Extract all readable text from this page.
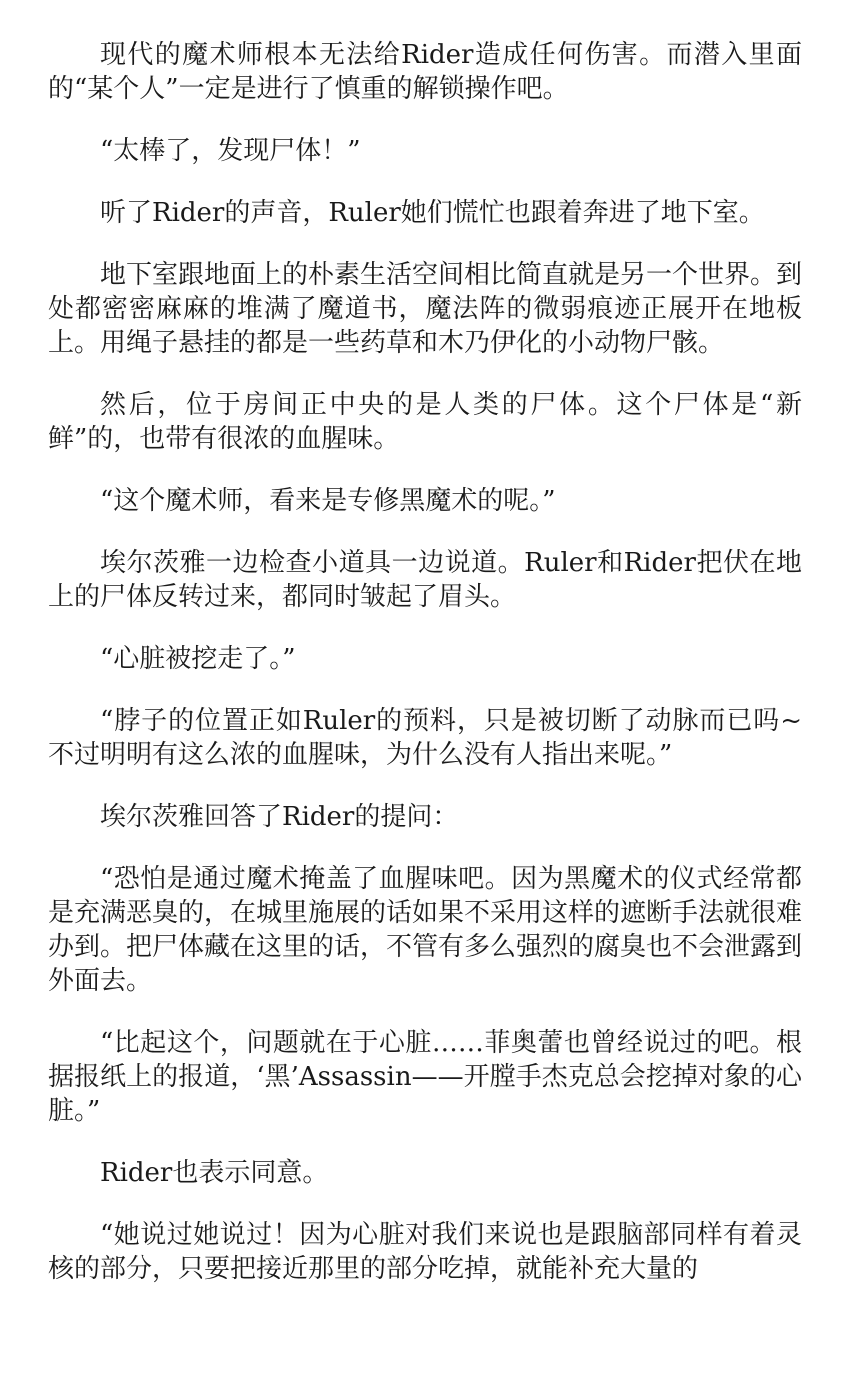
现代的魔术师根本无法给Rider造成任何伤害。而潜入里面的“某个人”一定是进行了慎重的解锁操作吧。

“太棒了，发现尸体！”

听了Rider的声音，Ruler她们慌忙也跟着奔进了地下室。

地下室跟地面上的朴素生活空间相比简直就是另一个世界。到处都密密麻麻的堆满了魔道书，魔法阵的微弱痕迹正展开在地板上。用绳子悬挂的都是一些药草和木乃伊化的小动物尸骸。

然后，位于房间正中央的是人类的尸体。这个尸体是“新鲜”的，也带有很浓的血腥味。

“这个魔术师，看来是专修黑魔术的呢。”

埃尔茨雅一边检查小道具一边说道。Ruler和Rider把伏在地上的尸体反转过来，都同时皱起了眉头。

“心脏被挖走了。”

“脖子的位置正如Ruler的预料，只是被切断了动脉而已吗~不过明明有这么浓的血腥味，为什么没有人指出来呢。”

埃尔茨雅回答了Rider的提问：

“恐怕是通过魔术掩盖了血腥味吧。因为黑魔术的仪式经常都是充满恶臭的，在城里施展的话如果不采用这样的遮断手法就很难办到。把尸体藏在这里的话，不管有多么强烈的腐臭也不会泄露到外面去。

“比起这个，问题就在于心脏……菲奥蕾也曾经说过的吧。根据报纸上的报道，‘黑’Assassin——开膛手杰克总会挖掉对象的心脏。”

Rider也表示同意。

“她说过她说过！因为心脏对我们来说也是跟脑部同样有着灵核的部分，只要把接近那里的部分吃掉，就能补充大量的
